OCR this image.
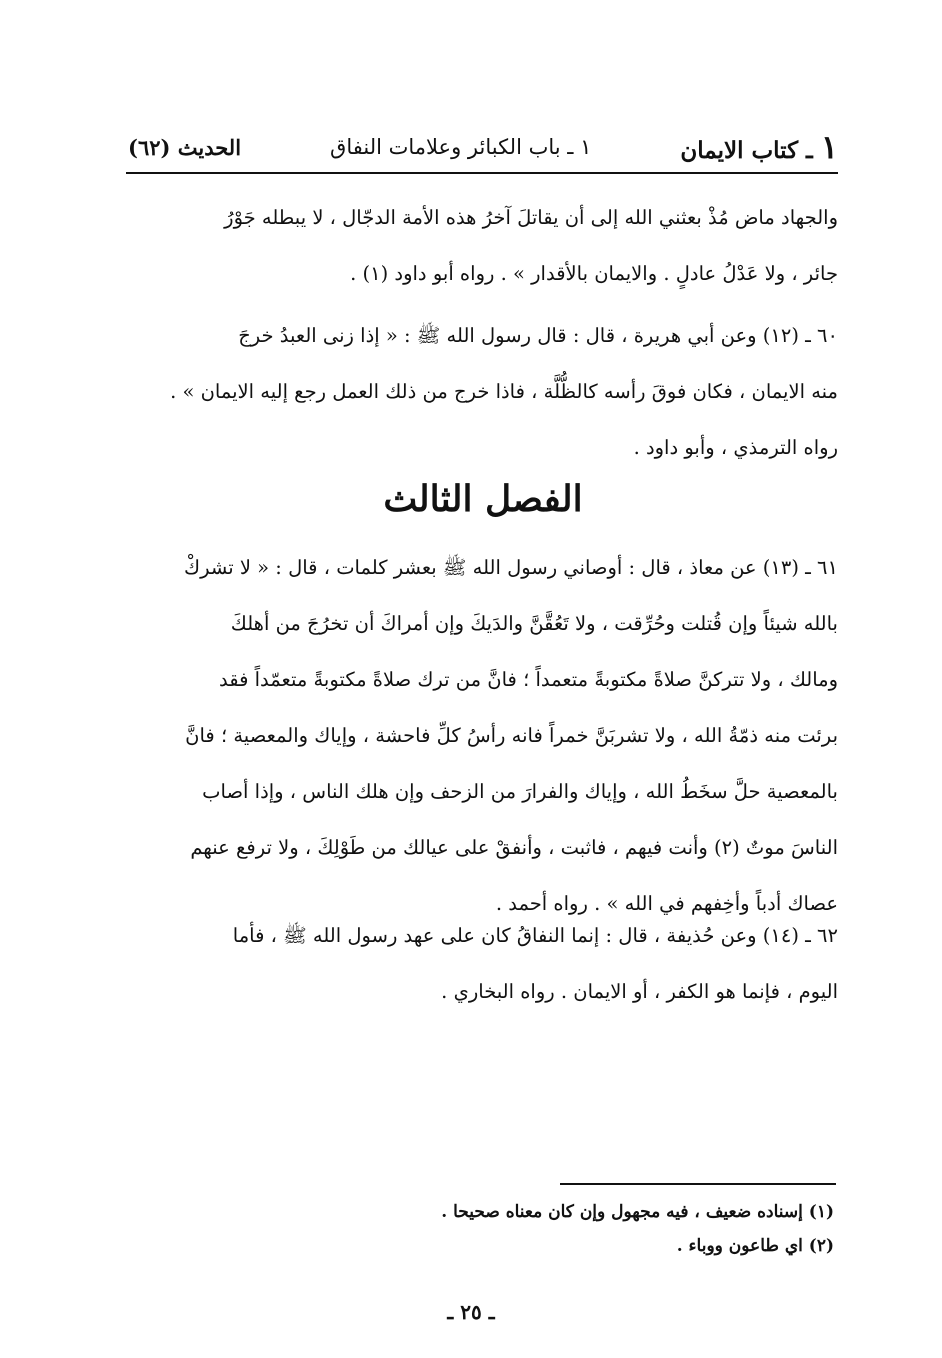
١ـ كتاب الايمان
١ ـ باب الكبائر وعلامات النفاق
الحديث (٦٢)
والجهاد ماض مُذْ بعثني الله إلى أن يقاتلَ آخرُ هذه الأمة الدجّال ، لا يبطله جَوْرُ
جائر ، ولا عَدْلُ عادلٍ . والايمان بالأقدار » . رواه أبو داود (١) .
٦٠ ـ (١٢) وعن أبي هريرة ، قال : قال رسول الله ﷺ : « إذا زنى العبدُ خرجَ
منه الايمان ، فكان فوقَ رأسه كالظُّلَّة ، فاذا خرج من ذلك العمل رجع إليه الايمان » .
رواه الترمذي ، وأبو داود .
الفصل الثالث
٦١ ـ (١٣) عن معاذ ، قال : أوصاني رسول الله ﷺ بعشر كلمات ، قال : « لا تشركْ
بالله شيئاً وإن قُتلت وحُرِّقت ، ولا تَعُقَّنَّ والدَيكَ وإن أمراكَ أن تخرُجَ من أهلكَ
ومالك ، ولا تتركنَّ صلاةً مكتوبةً متعمداً ؛ فانَّ من ترك صلاةً مكتوبةً متعمّداً فقد
برئت منه ذمّةُ الله ، ولا تشربَنَّ خمراً فانه رأسُ كلِّ فاحشة ، وإياك والمعصية ؛ فانَّ
بالمعصية حلَّ سخَطُ الله ، وإياك والفرارَ من الزحف وإن هلك الناس ، وإذا أصاب
الناسَ موتٌ (٢) وأنت فيهم ، فاثبت ، وأنفقْ على عيالك من طَوْلِكَ ، ولا ترفع عنهم
عصاك أدباً وأخِفهم في الله » . رواه أحمد .
٦٢ ـ (١٤) وعن حُذيفة ، قال : إنما النفاقُ كان على عهد رسول الله ﷺ ، فأما
اليوم ، فإنما هو الكفر ، أو الايمان . رواه البخاري .
(١) إسناده ضعيف ، فيه مجهول وإن كان معناه صحيحا .
(٢) اي طاعون ووباء .
ـ ٢٥ ـ
